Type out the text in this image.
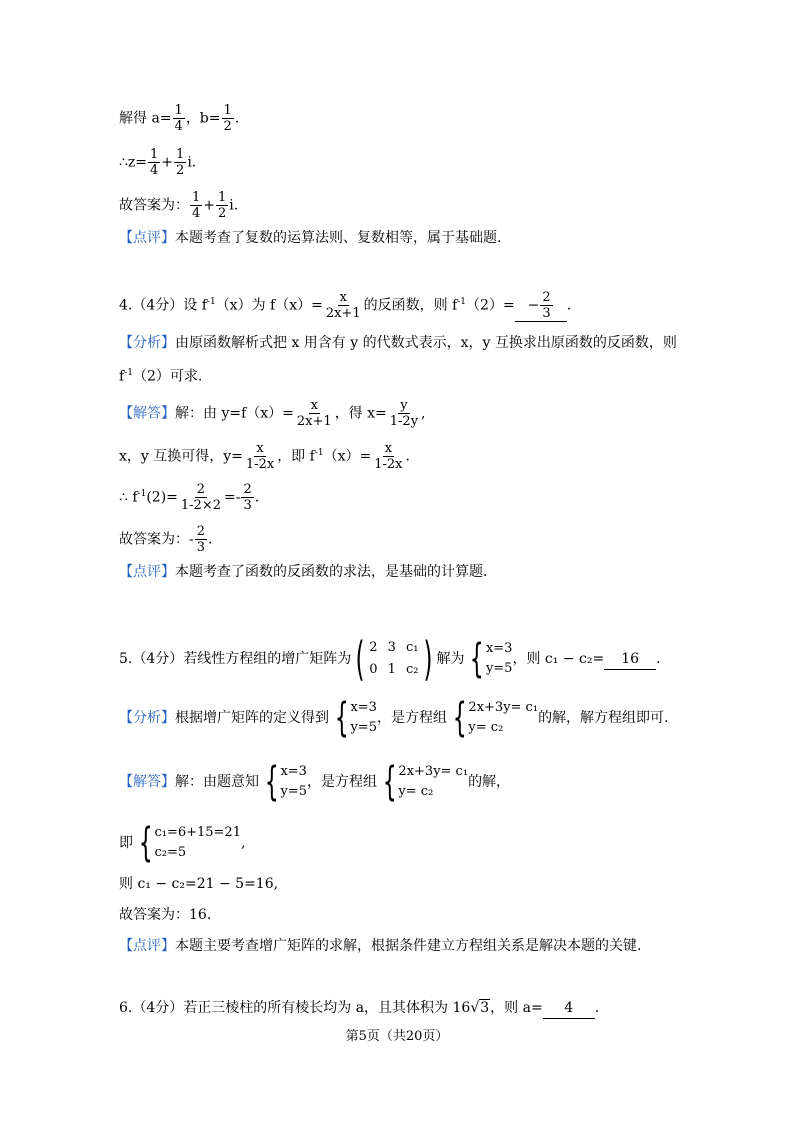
解得 $a= \frac{1}{4}$ ，$b= \frac{1}{2}$ .
∴z= $\frac{1}{4} + \frac{1}{2} i$.
故答案为： $\frac{1}{4} + \frac{1}{2} i$.
【点评】本题考查了复数的运算法则、复数相等，属于基础题.
4.（4分）设 $f^{-1}(x)$为 $f(x)= \frac{x}{2x+1}$ 的反函数，则 $f^{-1}(2)= - \frac{2}{3}$ .
【分析】由原函数解析式把 x 用含有 y 的代数式表示，x，y 互换求出原函数的反函数，则
$f^{-1}(2)$可求.
【解答】解：由 $y=f(x)= \frac{x}{2x+1}$ ，得 $x= \frac{y}{1-2y}$ ,
x，y 互换可得，$y= \frac{x}{1-2x}$ ，即 $f^{-1}(x)= \frac{x}{1-2x}$ .
∴ $f^{-1}(2)= \frac{2}{1-2\times 2} =- \frac{2}{3}$ .
故答案为：- $\frac{2}{3}$ .
【点评】本题考查了函数的反函数的求法，是基础的计算题.
5.（4分）若线性方程组的增广矩阵为 ( 2 3 c₁
0 1 c₂ ) 解为 { x=3
y=5
，则 c₁ − c₂= 16 .
【分析】根据增广矩阵的定义得到 { x=3
y=5
，是方程组 { 2x+3y= c₁
y= c₂
的解，解方程组即可.
【解答】解：由题意知 { x=3
y=5
，是方程组 { 2x+3y= c₁
y= c₂
的解，
即 { c₁=6+15=21
c₂=5
,
则 c₁ − c₂=21 − 5=16,
故答案为：16.
【点评】本题主要考查增广矩阵的求解，根据条件建立方程组关系是解决本题的关键.
6.（4分）若正三棱柱的所有棱长均为 a，且其体积为 16√3，则 a= 4 .
第5页（共20页）
